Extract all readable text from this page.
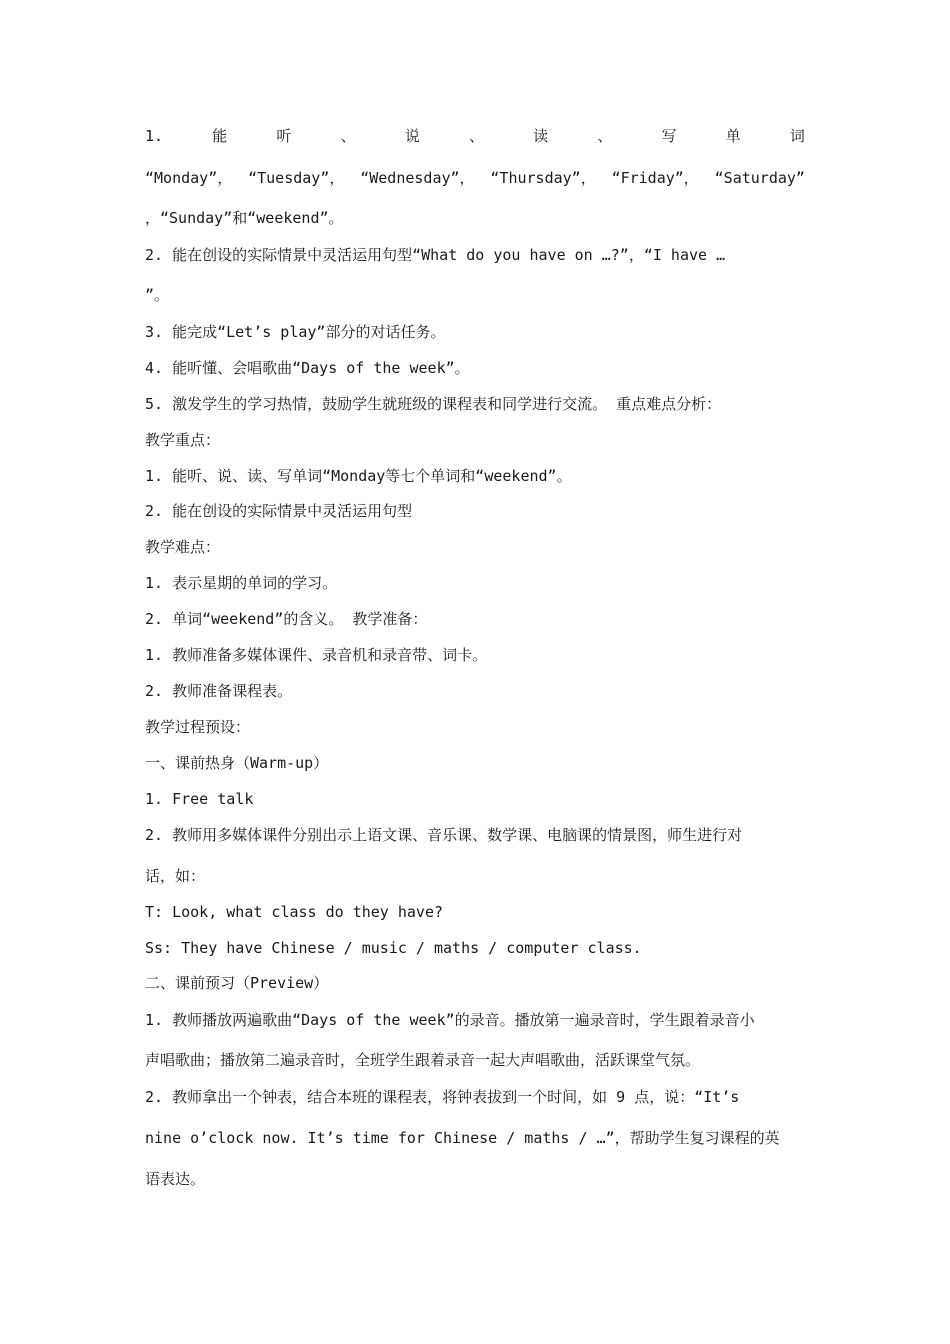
1.	能	听	、	说	、	读	、	写	单	词
“Monday”， “Tuesday”， “Wednesday”， “Thursday”， “Friday”， “Saturday”
，“Sunday”和“weekend”。
2. 能在创设的实际情景中灵活运用句型“What do you have on …?”，“I have …
”。
3. 能完成“Let’s play”部分的对话任务。
4. 能听懂、会唱歌曲“Days of the week”。
5. 激发学生的学习热情，鼓励学生就班级的课程表和同学进行交流。 重点难点分析：
教学重点：
1. 能听、说、读、写单词“Monday等七个单词和“weekend”。
2. 能在创设的实际情景中灵活运用句型
教学难点：
1. 表示星期的单词的学习。
2. 单词“weekend”的含义。 教学准备：
1. 教师准备多媒体课件、录音机和录音带、词卡。
2. 教师准备课程表。
教学过程预设：
一、课前热身（Warm-up）
1. Free talk
2. 教师用多媒体课件分别出示上语文课、音乐课、数学课、电脑课的情景图，师生进行对
话，如：
T: Look, what class do they have?
Ss: They have Chinese / music / maths / computer class.
二、课前预习（Preview）
1. 教师播放两遍歌曲“Days of the week”的录音。播放第一遍录音时，学生跟着录音小
声唱歌曲；播放第二遍录音时，全班学生跟着录音一起大声唱歌曲，活跃课堂气氛。
2. 教师拿出一个钟表，结合本班的课程表，将钟表拔到一个时间，如 9 点，说：“It’s
nine o’clock now. It’s time for Chinese / maths / …”，帮助学生复习课程的英
语表达。
